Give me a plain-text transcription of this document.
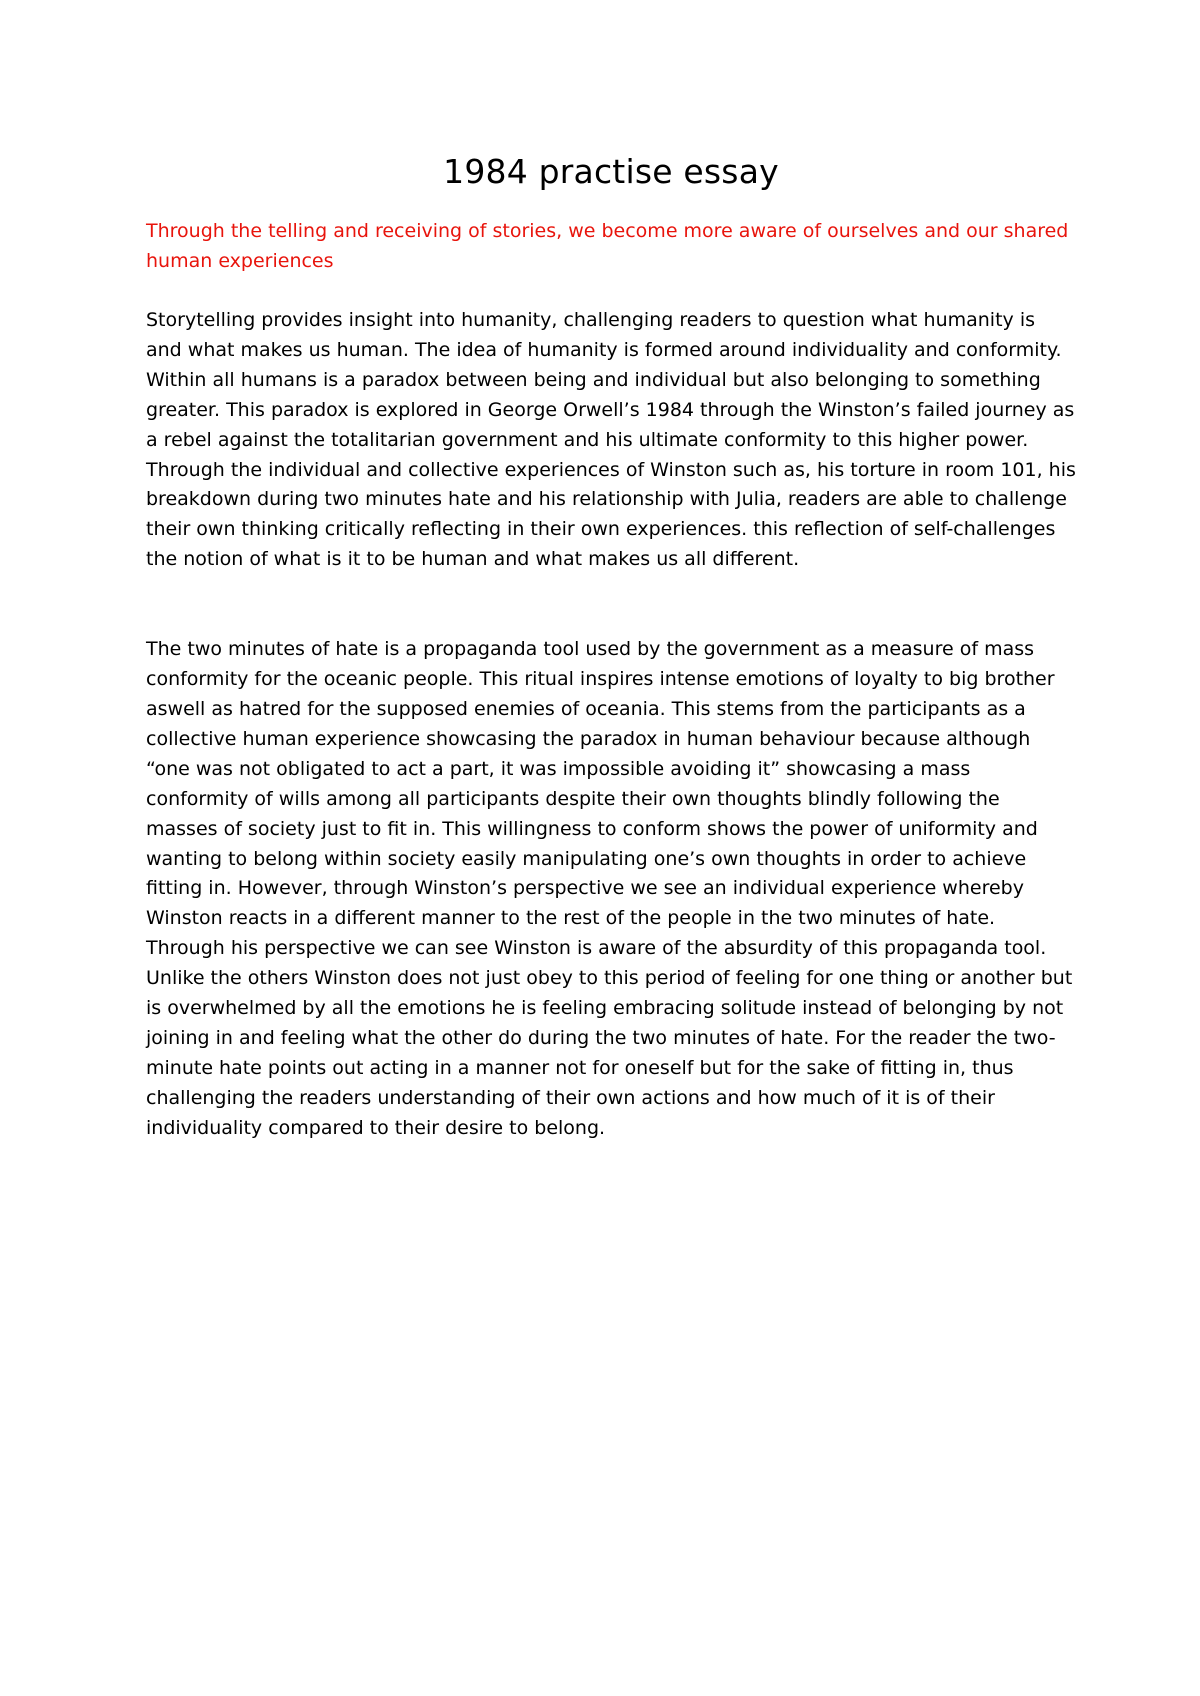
1984 practise essay

Through the telling and receiving of stories, we become more aware of ourselves and our shared human experiences

Storytelling provides insight into humanity, challenging readers to question what humanity is and what makes us human. The idea of humanity is formed around individuality and conformity. Within all humans is a paradox between being and individual but also belonging to something greater. This paradox is explored in George Orwell’s 1984 through the Winston’s failed journey as a rebel against the totalitarian government and his ultimate conformity to this higher power. Through the individual and collective experiences of Winston such as, his torture in room 101, his breakdown during two minutes hate and his relationship with Julia, readers are able to challenge their own thinking critically reflecting in their own experiences. this reflection of self-challenges the notion of what is it to be human and what makes us all different.

The two minutes of hate is a propaganda tool used by the government as a measure of mass conformity for the oceanic people. This ritual inspires intense emotions of loyalty to big brother aswell as hatred for the supposed enemies of oceania. This stems from the participants as a collective human experience showcasing the paradox in human behaviour because although “one was not obligated to act a part, it was impossible avoiding it” showcasing a mass conformity of wills among all participants despite their own thoughts blindly following the masses of society just to fit in. This willingness to conform shows the power of uniformity and wanting to belong within society easily manipulating one’s own thoughts in order to achieve fitting in. However, through Winston’s perspective we see an individual experience whereby Winston reacts in a different manner to the rest of the people in the two minutes of hate. Through his perspective we can see Winston is aware of the absurdity of this propaganda tool. Unlike the others Winston does not just obey to this period of feeling for one thing or another but is overwhelmed by all the emotions he is feeling embracing solitude instead of belonging by not joining in and feeling what the other do during the two minutes of hate. For the reader the two-minute hate points out acting in a manner not for oneself but for the sake of fitting in, thus challenging the readers understanding of their own actions and how much of it is of their individuality compared to their desire to belong.
